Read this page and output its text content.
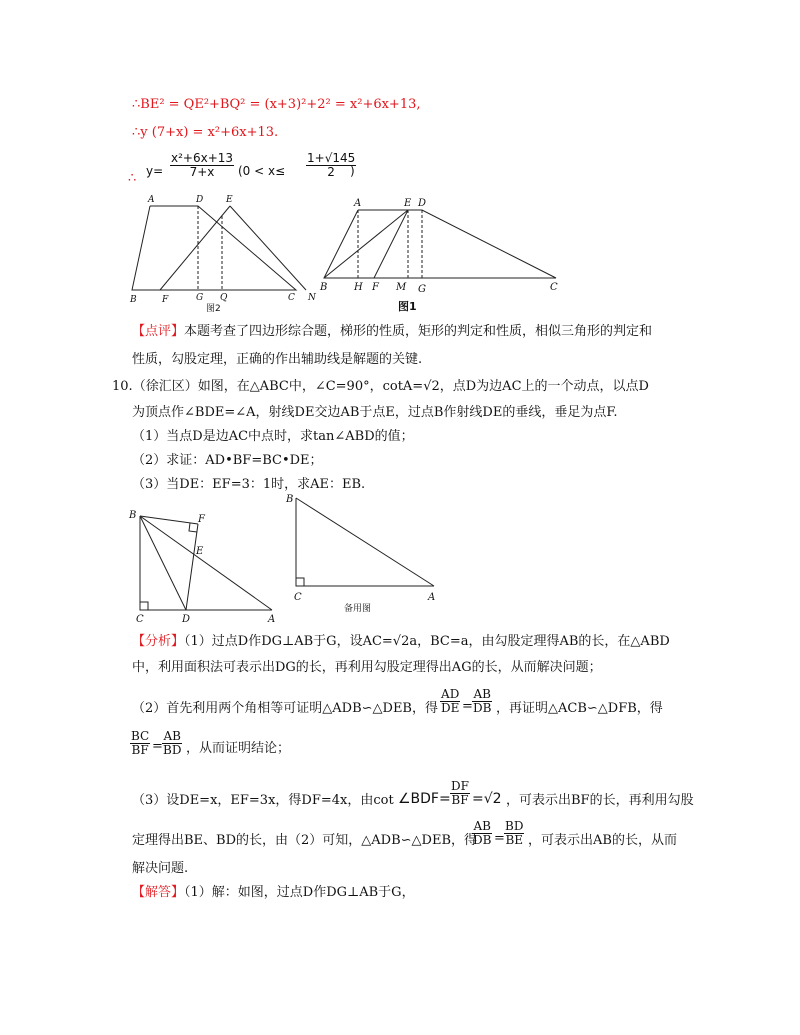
∴BE² = QE²+BQ² = (x+3)²+2² = x²+6x+13,
∴y (7+x) = x²+6x+13.
∴ $y= \frac{\text{x²+6x+13}}{7+x} (0 < x\le \frac{1+√145}{2}$
)
A	D	E
B	F	G Q	C N
图2
A	E D
B	H F M G	C
图1
【点评】本题考查了四边形综合题，梯形的性质，矩形的判定和性质，相似三角形的判定和
性质，勾股定理，正确的作出辅助线是解题的关键.
10.（徐汇区）如图，在△ABC中，∠C=90°，cotA=√2，点D为边AC上的一个动点，以点D
为顶点作∠BDE=∠A，射线DE交边AB于点E，过点B作射线DE的垂线，垂足为点F.
（1）当点D是边AC中点时，求tan∠ABD的值；
（2）求证：AD•BF=BC•DE；
（3）当DE：EF=3：1时，求AE：EB.
B	F
E
C	D	A
B
C	A
备用图
【分析】（1）过点D作DG⊥AB于G，设AC=√2a，BC=a，由勾股定理得AB的长，在△ABD
中，利用面积法可表示出DG的长，再利用勾股定理得出AG的长，从而解决问题；
（2）首先利用两个角相等可证明△ADB∽△DEB，得 $\frac{AD}{DE} = \frac{AB}{DB}$ ，再证明△ACB∽△DFB，得
$\frac{BC}{BF} = \frac{AB}{BD}$ ，从而证明结论；
（3）设DE=x，EF=3x，得DF=4x，由cot ∠BDF= $\frac{DF}{BF} =√2$ ，可表示出BF的长，再利用勾股
定理得出BE、BD的长，由（2）可知，△ADB∽△DEB，得
$\frac{AB}{DB} = \frac{BD}{BE}$ ，可表示出AB的长，从而
解决问题.
【解答】（1）解：如图，过点D作DG⊥AB于G，
